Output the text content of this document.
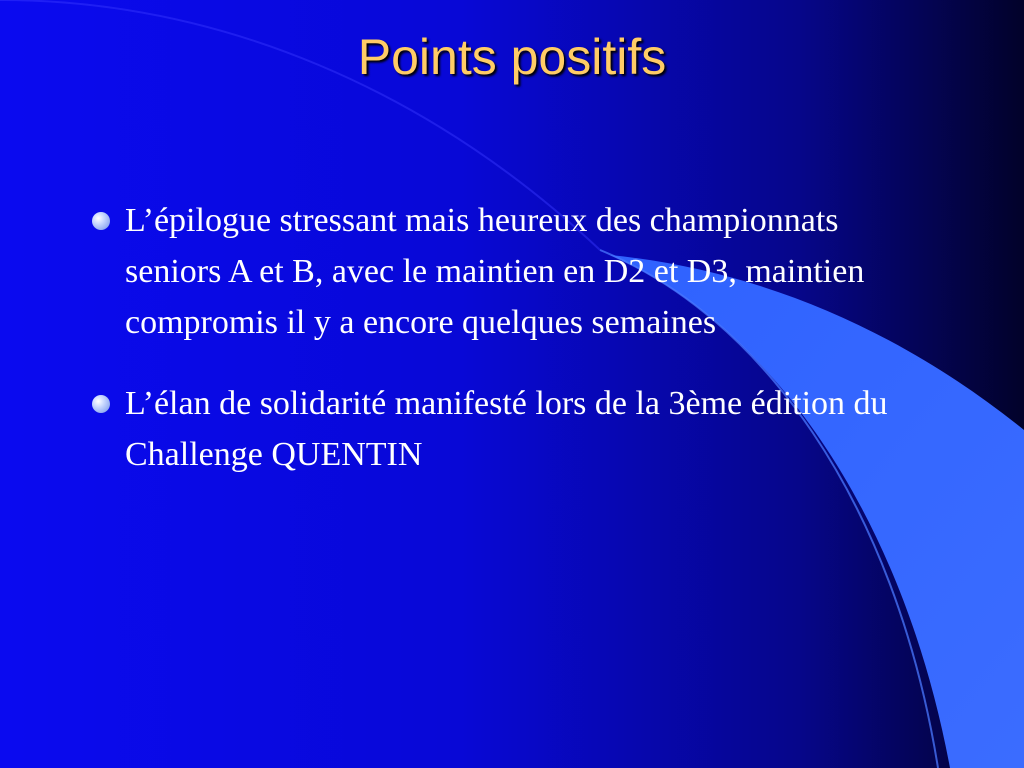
Points positifs
L’épilogue stressant mais heureux des championnats seniors A et B, avec le maintien en D2 et D3, maintien compromis il y a encore quelques semaines
L’élan de solidarité manifesté lors de la 3ème édition du Challenge QUENTIN
